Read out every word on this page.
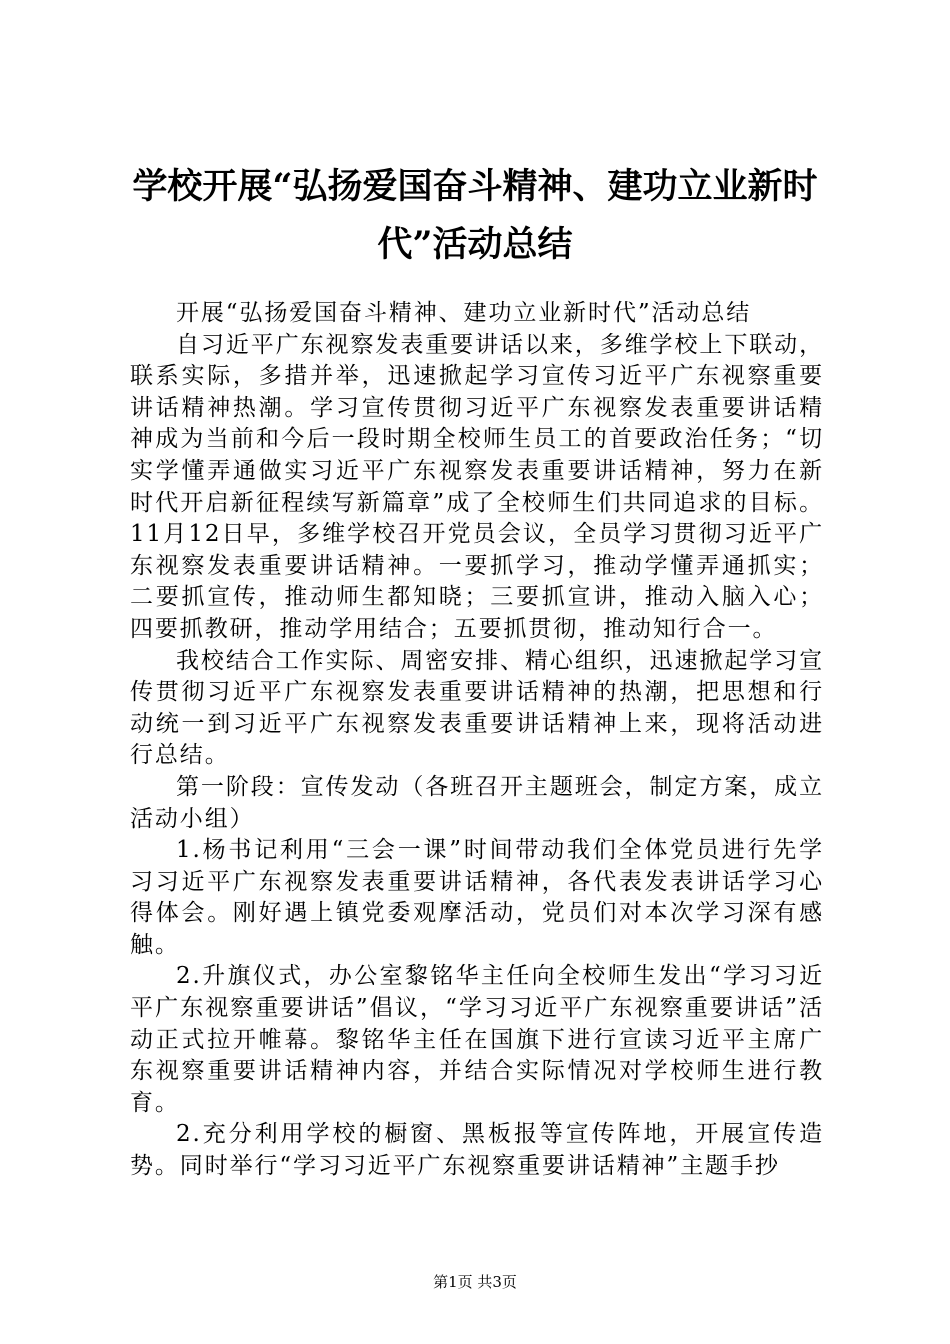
学校开展“弘扬爱国奋斗精神、建功立业新时代”活动总结

开展“弘扬爱国奋斗精神、建功立业新时代”活动总结

自习近平广东视察发表重要讲话以来，多维学校上下联动，联系实际，多措并举，迅速掀起学习宣传习近平广东视察重要讲话精神热潮。学习宣传贯彻习近平广东视察发表重要讲话精神成为当前和今后一段时期全校师生员工的首要政治任务；“切实学懂弄通做实习近平广东视察发表重要讲话精神，努力在新时代开启新征程续写新篇章”成了全校师生们共同追求的目标。11月12日早，多维学校召开党员会议，全员学习贯彻习近平广东视察发表重要讲话精神。一要抓学习，推动学懂弄通抓实；二要抓宣传，推动师生都知晓；三要抓宣讲，推动入脑入心；四要抓教研，推动学用结合；五要抓贯彻，推动知行合一。

我校结合工作实际、周密安排、精心组织，迅速掀起学习宣传贯彻习近平广东视察发表重要讲话精神的热潮，把思想和行动统一到习近平广东视察发表重要讲话精神上来，现将活动进行总结。

第一阶段：宣传发动（各班召开主题班会，制定方案，成立活动小组）

1.杨书记利用“三会一课”时间带动我们全体党员进行先学习习近平广东视察发表重要讲话精神，各代表发表讲话学习心得体会。刚好遇上镇党委观摩活动，党员们对本次学习深有感触。

2.升旗仪式，办公室黎铭华主任向全校师生发出“学习习近平广东视察重要讲话”倡议，“学习习近平广东视察重要讲话”活动正式拉开帷幕。黎铭华主任在国旗下进行宣读习近平主席广东视察重要讲话精神内容，并结合实际情况对学校师生进行教育。

2.充分利用学校的橱窗、黑板报等宣传阵地，开展宣传造势。同时举行“学习习近平广东视察重要讲话精神”主题手抄

第1页 共3页
